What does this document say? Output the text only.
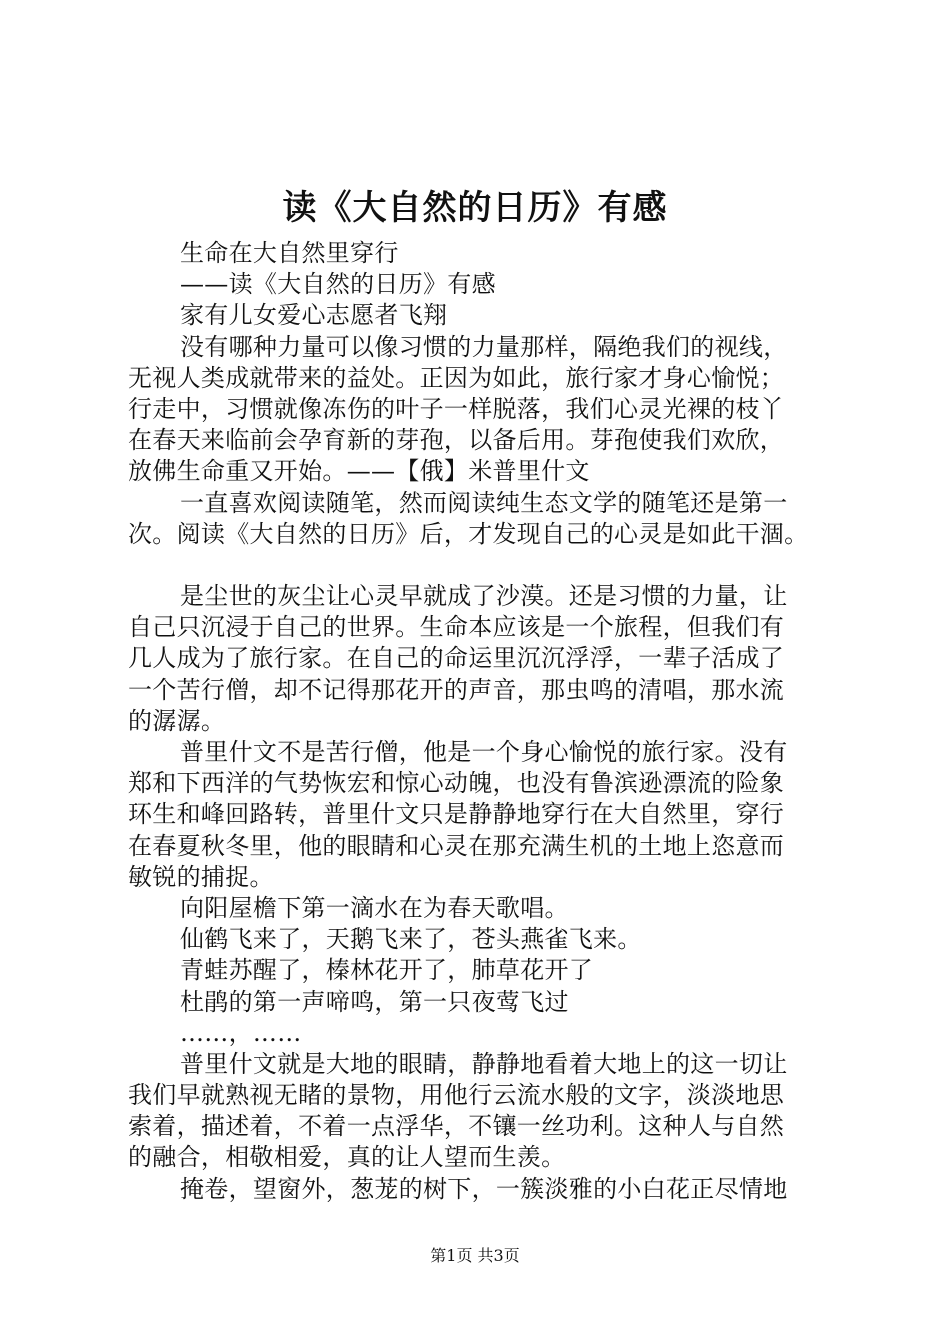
读《大自然的日历》有感
生命在大自然里穿行
——读《大自然的日历》有感
家有儿女爱心志愿者飞翔
没有哪种力量可以像习惯的力量那样，隔绝我们的视线，
无视人类成就带来的益处。正因为如此，旅行家才身心愉悦；
行走中，习惯就像冻伤的叶子一样脱落，我们心灵光裸的枝丫
在春天来临前会孕育新的芽孢，以备后用。芽孢使我们欢欣，
放佛生命重又开始。——【俄】米普里什文
一直喜欢阅读随笔，然而阅读纯生态文学的随笔还是第一
次。阅读《大自然的日历》后，才发现自己的心灵是如此干涸。
是尘世的灰尘让心灵早就成了沙漠。还是习惯的力量，让
自己只沉浸于自己的世界。生命本应该是一个旅程，但我们有
几人成为了旅行家。在自己的命运里沉沉浮浮，一辈子活成了
一个苦行僧，却不记得那花开的声音，那虫鸣的清唱，那水流
的潺潺。
普里什文不是苦行僧，他是一个身心愉悦的旅行家。没有
郑和下西洋的气势恢宏和惊心动魄，也没有鲁滨逊漂流的险象
环生和峰回路转，普里什文只是静静地穿行在大自然里，穿行
在春夏秋冬里，他的眼睛和心灵在那充满生机的土地上恣意而
敏锐的捕捉。
向阳屋檐下第一滴水在为春天歌唱。
仙鹤飞来了，天鹅飞来了，苍头燕雀飞来。
青蛙苏醒了，榛林花开了，肺草花开了
杜鹃的第一声啼鸣，第一只夜莺飞过
……，……
普里什文就是大地的眼睛，静静地看着大地上的这一切让
我们早就熟视无睹的景物，用他行云流水般的文字，淡淡地思
索着，描述着，不着一点浮华，不镶一丝功利。这种人与自然
的融合，相敬相爱，真的让人望而生羡。
掩卷，望窗外，葱茏的树下，一簇淡雅的小白花正尽情地
第1页 共3页
